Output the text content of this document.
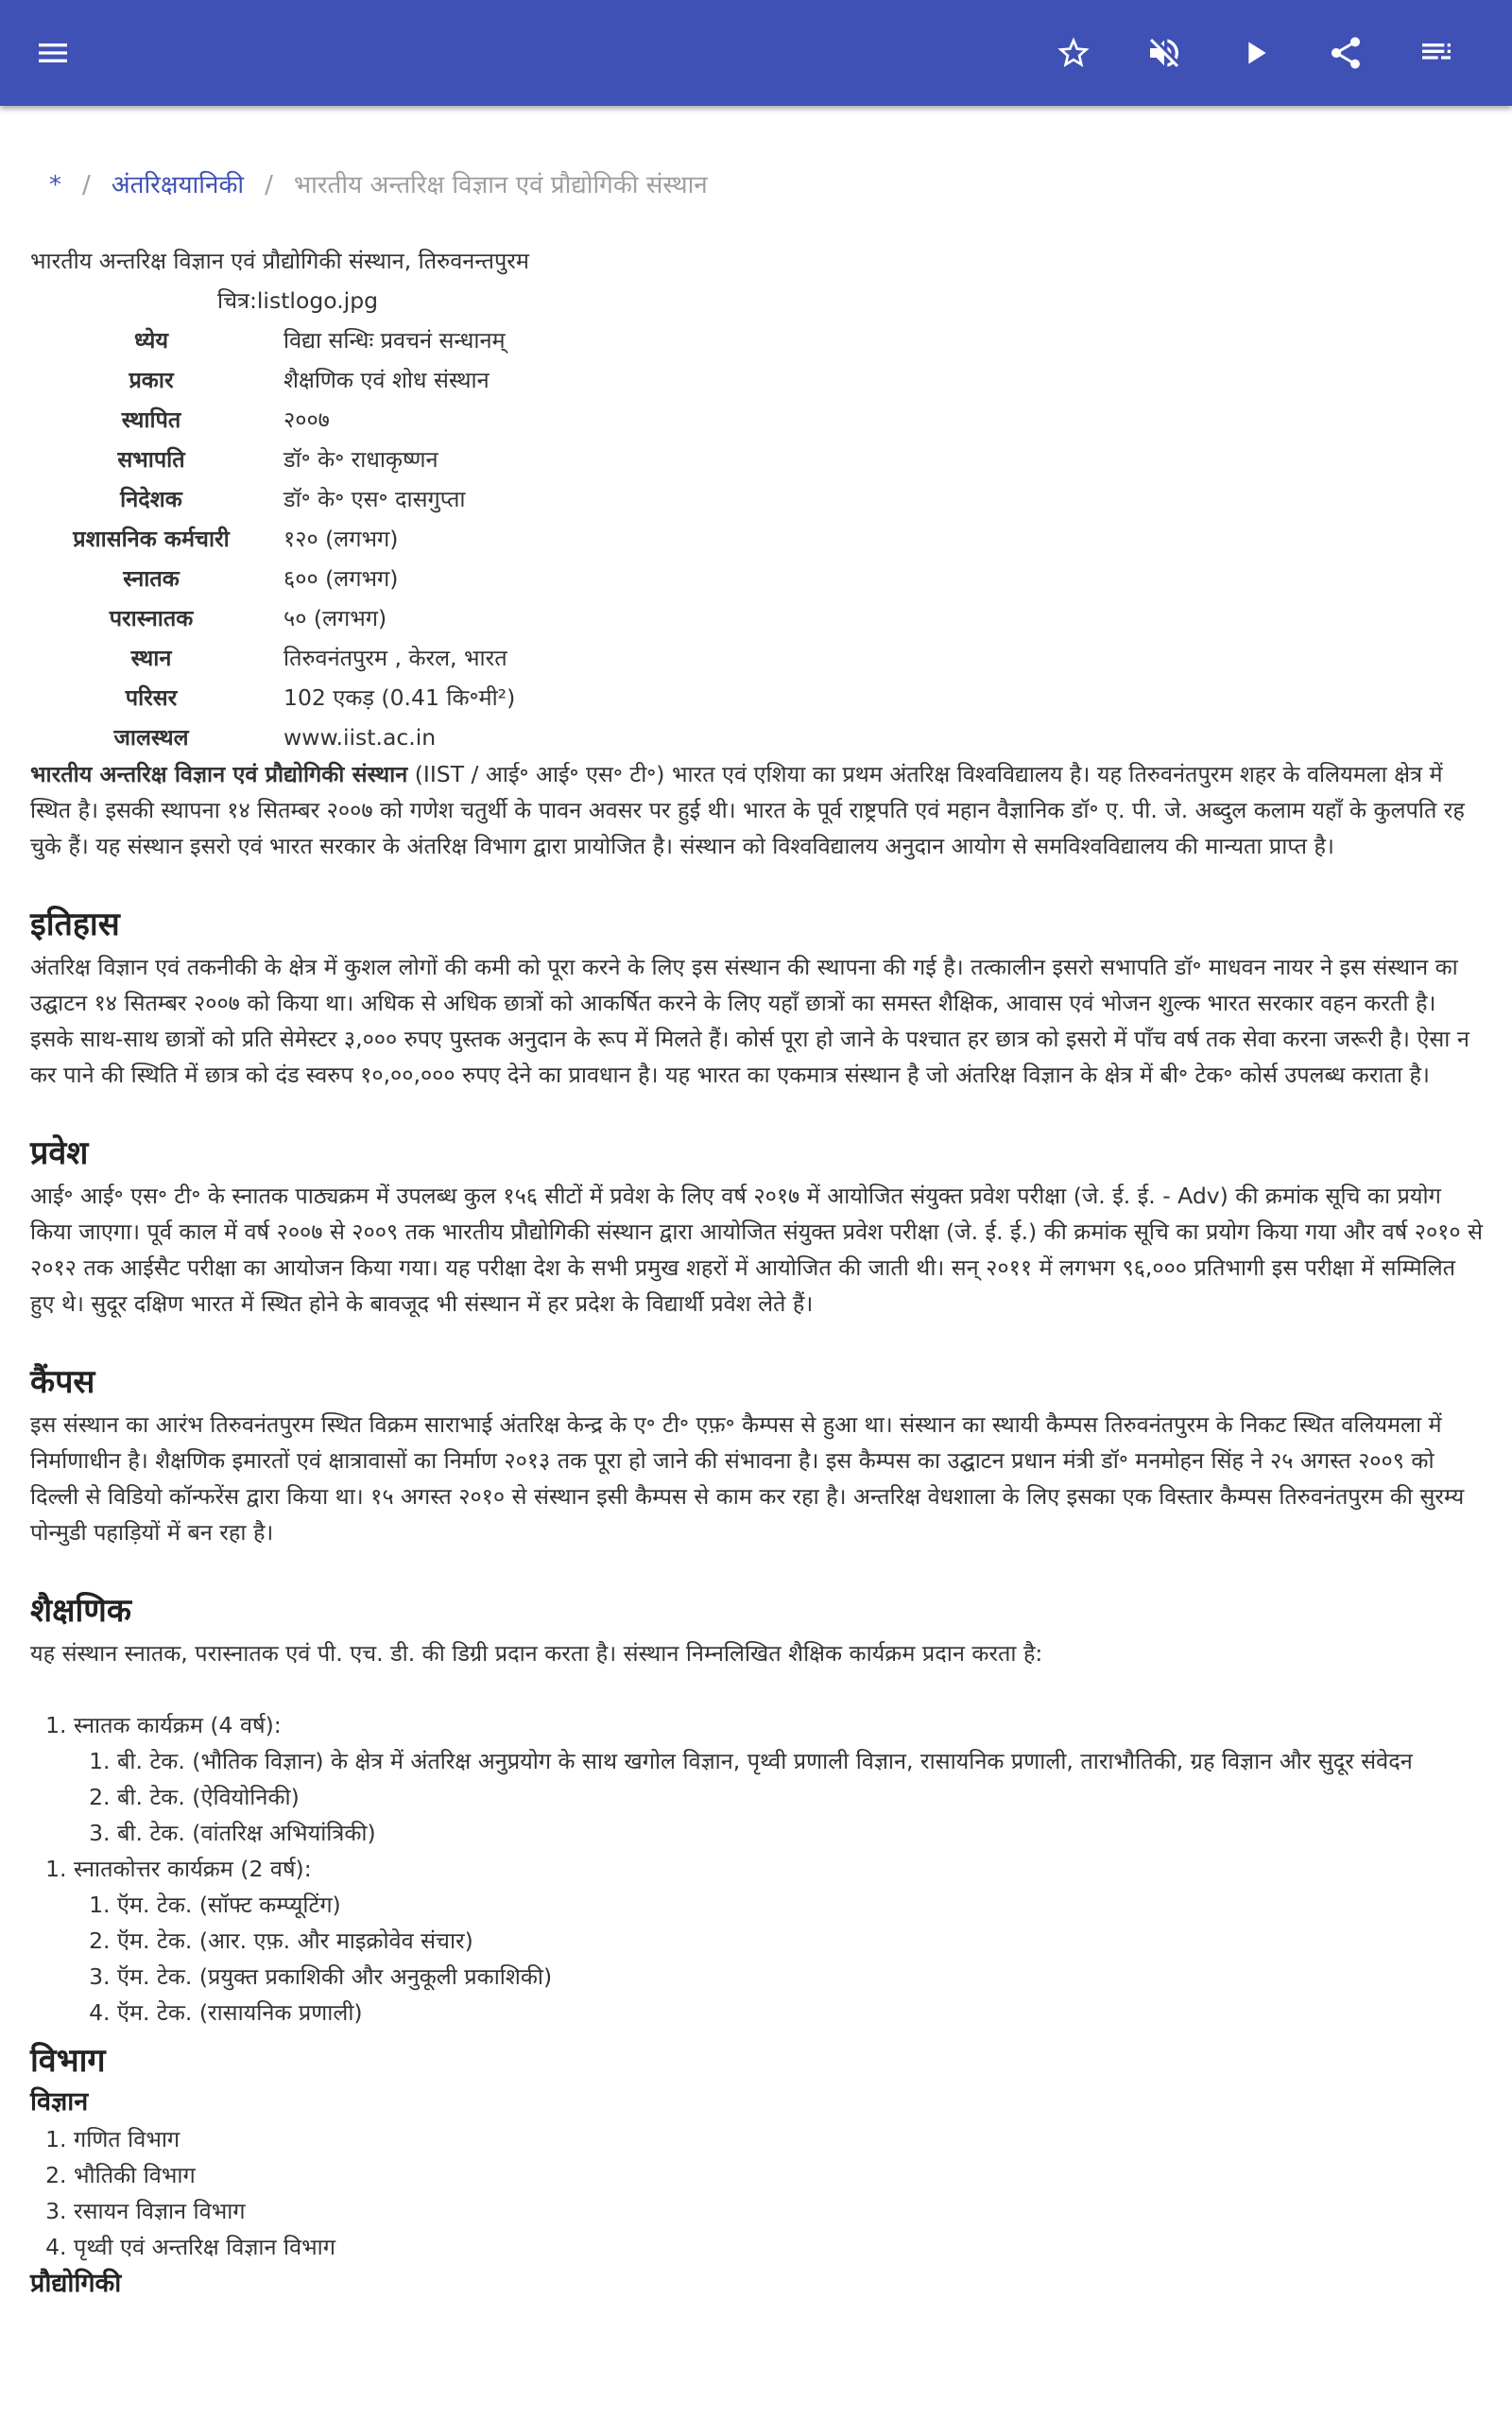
* / अंतरिक्षयानिकी / भारतीय अन्तरिक्ष विज्ञान एवं प्रौद्योगिकी संस्थान
भारतीय अन्तरिक्ष विज्ञान एवं प्रौद्योगिकी संस्थान, तिरुवनन्तपुरम
चित्र:listlogo.jpg
ध्येय	विद्या सन्धिः प्रवचनं सन्धानम्
प्रकार	शैक्षणिक एवं शोध संस्थान
स्थापित	२००७
सभापति	डॉ॰ के॰ राधाकृष्णन
निदेशक	डॉ॰ के॰ एस॰ दासगुप्ता
प्रशासनिक कर्मचारी	१२० (लगभग)
स्नातक	६०० (लगभग)
परास्नातक	५० (लगभग)
स्थान	तिरुवनंतपुरम , केरल, भारत
परिसर	102 एकड़ (0.41 कि॰मी²)
जालस्थल	www.iist.ac.in

भारतीय अन्तरिक्ष विज्ञान एवं प्रौद्योगिकी संस्थान (IIST / आई॰ आई॰ एस॰ टी॰) भारत एवं एशिया का प्रथम अंतरिक्ष विश्वविद्यालय है। यह तिरुवनंतपुरम शहर के वलियमला क्षेत्र में स्थित है। इसकी स्थापना १४ सितम्बर २००७ को गणेश चतुर्थी के पावन अवसर पर हुई थी। भारत के पूर्व राष्ट्रपति एवं महान वैज्ञानिक डॉ॰ ए. पी. जे. अब्दुल कलाम यहाँ के कुलपति रह चुके हैं। यह संस्थान इसरो एवं भारत सरकार के अंतरिक्ष विभाग द्वारा प्रायोजित है। संस्थान को विश्वविद्यालय अनुदान आयोग से समविश्वविद्यालय की मान्यता प्राप्त है।

इतिहास

अंतरिक्ष विज्ञान एवं तकनीकी के क्षेत्र में कुशल लोगों की कमी को पूरा करने के लिए इस संस्थान की स्थापना की गई है। तत्कालीन इसरो सभापति डॉ॰ माधवन नायर ने इस संस्थान का उद्घाटन १४ सितम्बर २००७ को किया था। अधिक से अधिक छात्रों को आकर्षित करने के लिए यहाँ छात्रों का समस्त शैक्षिक, आवास एवं भोजन शुल्क भारत सरकार वहन करती है। इसके साथ-साथ छात्रों को प्रति सेमेस्टर ३,००० रुपए पुस्तक अनुदान के रूप में मिलते हैं। कोर्स पूरा हो जाने के पश्चात हर छात्र को इसरो में पाँच वर्ष तक सेवा करना जरूरी है। ऐसा न कर पाने की स्थिति में छात्र को दंड स्वरुप १०,००,००० रुपए देने का प्रावधान है। यह भारत का एकमात्र संस्थान है जो अंतरिक्ष विज्ञान के क्षेत्र में बी॰ टेक॰ कोर्स उपलब्ध कराता है।

प्रवेश

आई॰ आई॰ एस॰ टी॰ के स्नातक पाठ्यक्रम में उपलब्ध कुल १५६ सीटों में प्रवेश के लिए वर्ष २०१७ में आयोजित संयुक्त प्रवेश परीक्षा (जे. ई. ई. - Adv) की क्रमांक सूचि का प्रयोग किया जाएगा। पूर्व काल में वर्ष २००७ से २००९ तक भारतीय प्रौद्योगिकी संस्थान द्वारा आयोजित संयुक्त प्रवेश परीक्षा (जे. ई. ई.) की क्रमांक सूचि का प्रयोग किया गया और वर्ष २०१० से २०१२ तक आईसैट परीक्षा का आयोजन किया गया। यह परीक्षा देश के सभी प्रमुख शहरों में आयोजित की जाती थी। सन् २०११ में लगभग ९६,००० प्रतिभागी इस परीक्षा में सम्मिलित हुए थे। सुदूर दक्षिण भारत में स्थित होने के बावजूद भी संस्थान में हर प्रदेश के विद्यार्थी प्रवेश लेते हैं।

कैंपस

इस संस्थान का आरंभ तिरुवनंतपुरम स्थित विक्रम साराभाई अंतरिक्ष केन्द्र के ए॰ टी॰ एफ़॰ कैम्पस से हुआ था। संस्थान का स्थायी कैम्पस तिरुवनंतपुरम के निकट स्थित वलियमला में निर्माणाधीन है। शैक्षणिक इमारतों एवं क्षात्रावासों का निर्माण २०१३ तक पूरा हो जाने की संभावना है। इस कैम्पस का उद्घाटन प्रधान मंत्री डॉ॰ मनमोहन सिंह ने २५ अगस्त २००९ को दिल्ली से विडियो कॉन्फरेंस द्वारा किया था। १५ अगस्त २०१० से संस्थान इसी कैम्पस से काम कर रहा है। अन्तरिक्ष वेधशाला के लिए इसका एक विस्तार कैम्पस तिरुवनंतपुरम की सुरम्य पोन्मुडी पहाड़ियों में बन रहा है।

शैक्षणिक

यह संस्थान स्नातक, परास्नातक एवं पी. एच. डी. की डिग्री प्रदान करता है। संस्थान निम्नलिखित शैक्षिक कार्यक्रम प्रदान करता है:

1. स्नातक कार्यक्रम (4 वर्ष):
1. बी. टेक. (भौतिक विज्ञान) के क्षेत्र में अंतरिक्ष अनुप्रयोग के साथ खगोल विज्ञान, पृथ्वी प्रणाली विज्ञान, रासायनिक प्रणाली, ताराभौतिकी, ग्रह विज्ञान और सुदूर संवेदन
2. बी. टेक. (ऐवियोनिकी)
3. बी. टेक. (वांतरिक्ष अभियांत्रिकी)
1. स्नातकोत्तर कार्यक्रम (2 वर्ष):
1. ऍम. टेक. (सॉफ्ट कम्प्यूटिंग)
2. ऍम. टेक. (आर. एफ़. और माइक्रोवेव संचार)
3. ऍम. टेक. (प्रयुक्त प्रकाशिकी और अनुकूली प्रकाशिकी)
4. ऍम. टेक. (रासायनिक प्रणाली)
विभाग
विज्ञान
1. गणित विभाग
2. भौतिकी विभाग
3. रसायन विज्ञान विभाग
4. पृथ्वी एवं अन्तरिक्ष विज्ञान विभाग
प्रौद्योगिकी
